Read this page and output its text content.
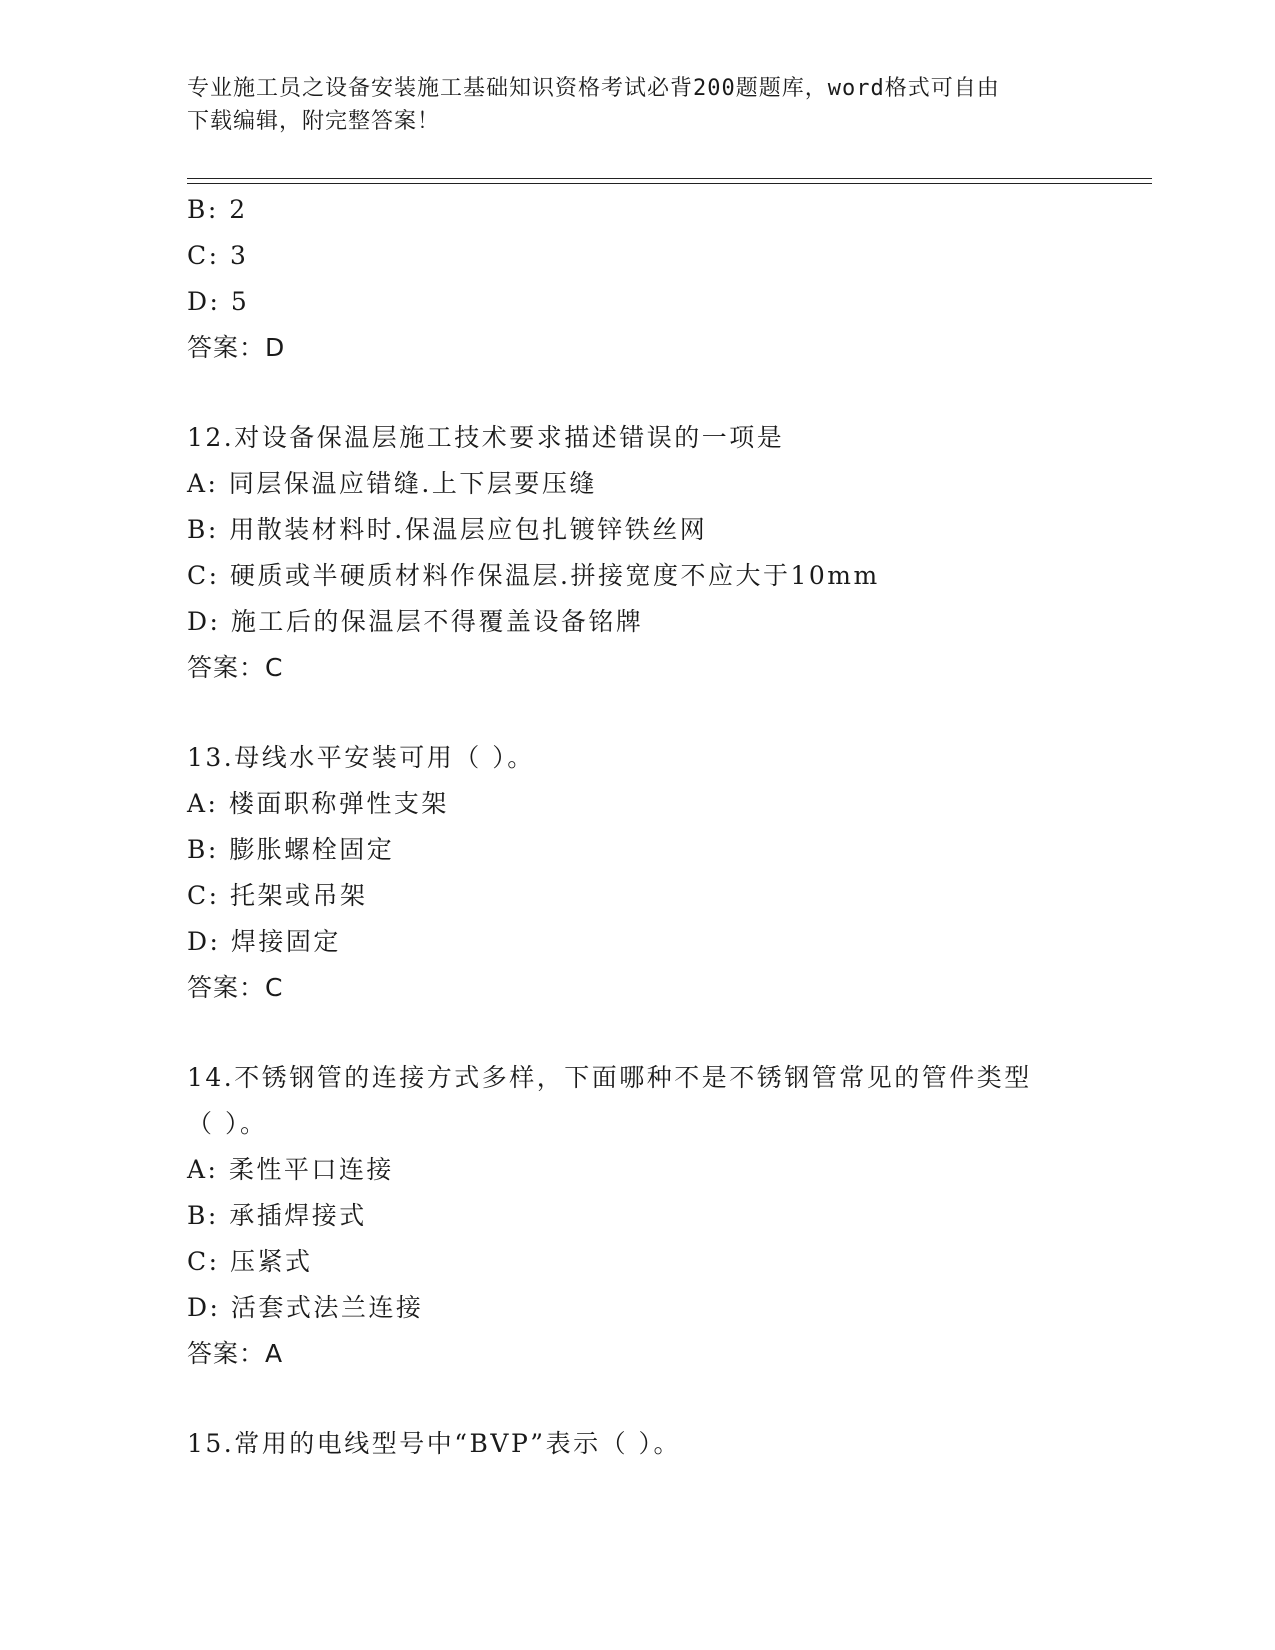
专业施工员之设备安装施工基础知识资格考试必背200题题库，word格式可自由
下载编辑，附完整答案！
B: 2
C: 3
D: 5
答案：D
12.对设备保温层施工技术要求描述错误的一项是
A: 同层保温应错缝.上下层要压缝
B: 用散装材料时.保温层应包扎镀锌铁丝网
C: 硬质或半硬质材料作保温层.拼接宽度不应大于10mm
D: 施工后的保温层不得覆盖设备铭牌
答案：C
13.母线水平安装可用（ ）。
A: 楼面职称弹性支架
B: 膨胀螺栓固定
C: 托架或吊架
D: 焊接固定
答案：C
14.不锈钢管的连接方式多样，下面哪种不是不锈钢管常见的管件类型
（ ）。
A: 柔性平口连接
B: 承插焊接式
C: 压紧式
D: 活套式法兰连接
答案：A
15.常用的电线型号中“BVP”表示（ ）。
